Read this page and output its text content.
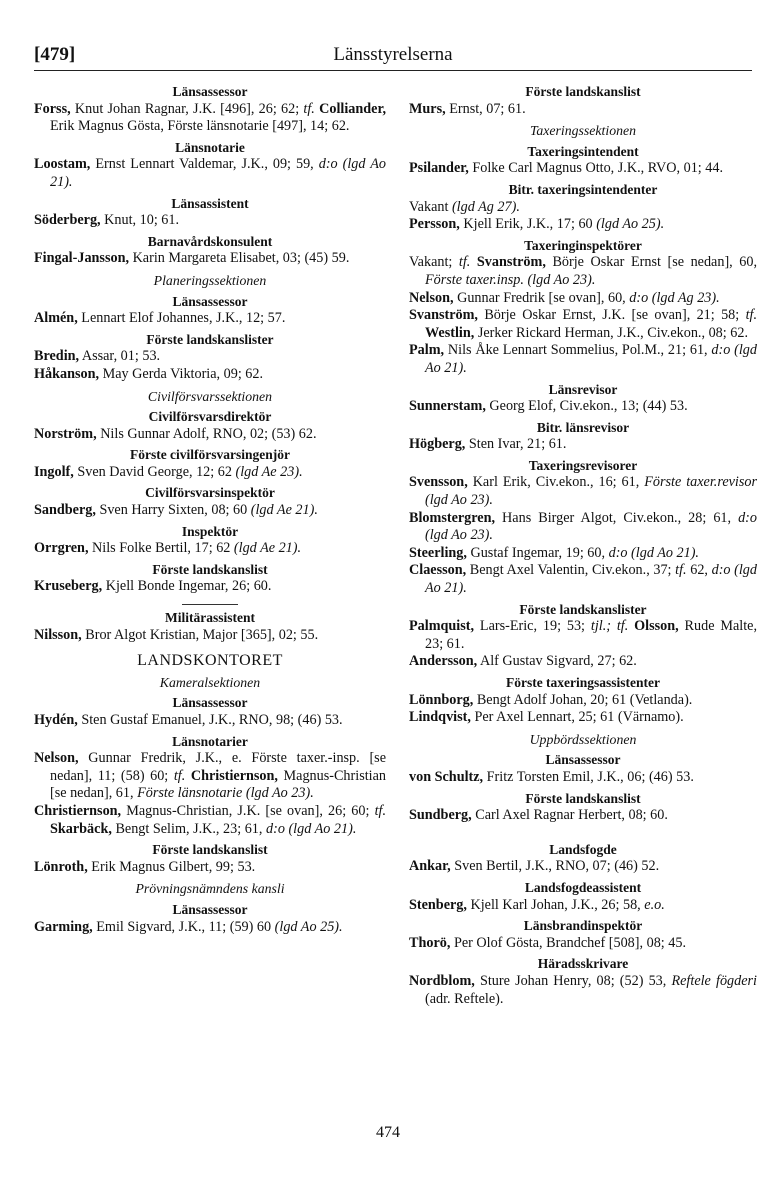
[479]	Länsstyrelserna
Länsassessor
Forss, Knut Johan Ragnar, J.K. [496], 26; 62; tf. Colliander, Erik Magnus Gösta, Förste länsnotarie [497], 14; 62.
Länsnotarie
Loostam, Ernst Lennart Valdemar, J.K., 09; 59, d:o (lgd Ao 21).
Länsassistent
Söderberg, Knut, 10; 61.
Barnavårdskonsulent
Fingal-Jansson, Karin Margareta Elisabet, 03; (45) 59.
Planeringssektionen
Länsassessor
Almén, Lennart Elof Johannes, J.K., 12; 57.
Förste landskanslister
Bredin, Assar, 01; 53.
Håkanson, May Gerda Viktoria, 09; 62.
Civilförsvarssektionen
Civilförsvarsdirektör
Norström, Nils Gunnar Adolf, RNO, 02; (53) 62.
Förste civilförsvarsingenjör
Ingolf, Sven David George, 12; 62 (lgd Ae 23).
Civilförsvarsinspektör
Sandberg, Sven Harry Sixten, 08; 60 (lgd Ae 21).
Inspektör
Orrgren, Nils Folke Bertil, 17; 62 (lgd Ae 21).
Förste landskanslist
Kruseberg, Kjell Bonde Ingemar, 26; 60.
Militärassistent
Nilsson, Bror Algot Kristian, Major [365], 02; 55.
LANDSKONTORET
Kameralsektionen
Länsassessor
Hydén, Sten Gustaf Emanuel, J.K., RNO, 98; (46) 53.
Länsnotarier
Nelson, Gunnar Fredrik, J.K., e. Förste taxer.-insp. [se nedan], 11; (58) 60; tf. Christiernson, Magnus-Christian [se nedan], 61, Förste länsnotarie (lgd Ao 23).
Christiernson, Magnus-Christian, J.K. [se ovan], 26; 60; tf. Skarbäck, Bengt Selim, J.K., 23; 61, d:o (lgd Ao 21).
Förste landskanslist
Lönroth, Erik Magnus Gilbert, 99; 53.
Prövningsnämndens kansli
Länsassessor
Garming, Emil Sigvard, J.K., 11; (59) 60 (lgd Ao 25).
Förste landskanslist
Murs, Ernst, 07; 61.
Taxeringssektionen
Taxeringsintendent
Psilander, Folke Carl Magnus Otto, J.K., RVO, 01; 44.
Bitr. taxeringsintendenter
Vakant (lgd Ag 27).
Persson, Kjell Erik, J.K., 17; 60 (lgd Ao 25).
Taxeringinspektörer
Vakant; tf. Svanström, Börje Oskar Ernst [se nedan], 60, Förste taxer.insp. (lgd Ao 23).
Nelson, Gunnar Fredrik [se ovan], 60, d:o (lgd Ag 23).
Svanström, Börje Oskar Ernst, J.K. [se ovan], 21; 58; tf. Westlin, Jerker Rickard Herman, J.K., Civ.ekon., 08; 62.
Palm, Nils Åke Lennart Sommelius, Pol.M., 21; 61, d:o (lgd Ao 21).
Länsrevisor
Sunnerstam, Georg Elof, Civ.ekon., 13; (44) 53.
Bitr. länsrevisor
Högberg, Sten Ivar, 21; 61.
Taxeringsrevisorer
Svensson, Karl Erik, Civ.ekon., 16; 61, Förste taxer.revisor (lgd Ao 23).
Blomstergren, Hans Birger Algot, Civ.ekon., 28; 61, d:o (lgd Ao 23).
Steerling, Gustaf Ingemar, 19; 60, d:o (lgd Ao 21).
Claesson, Bengt Axel Valentin, Civ.ekon., 37; tf. 62, d:o (lgd Ao 21).
Förste landskanslister
Palmquist, Lars-Eric, 19; 53; tjl.; tf. Olsson, Rude Malte, 23; 61.
Andersson, Alf Gustav Sigvard, 27; 62.
Förste taxeringsassistenter
Lönnborg, Bengt Adolf Johan, 20; 61 (Vetlanda).
Lindqvist, Per Axel Lennart, 25; 61 (Värnamo).
Uppbördssektionen
Länsassessor
von Schultz, Fritz Torsten Emil, J.K., 06; (46) 53.
Förste landskanslist
Sundberg, Carl Axel Ragnar Herbert, 08; 60.
Landsfogde
Ankar, Sven Bertil, J.K., RNO, 07; (46) 52.
Landsfogdeassistent
Stenberg, Kjell Karl Johan, J.K., 26; 58, e.o.
Länsbrandinspektör
Thorö, Per Olof Gösta, Brandchef [508], 08; 45.
Häradsskrivare
Nordblom, Sture Johan Henry, 08; (52) 53, Reftele fögderi (adr. Reftele).
474
